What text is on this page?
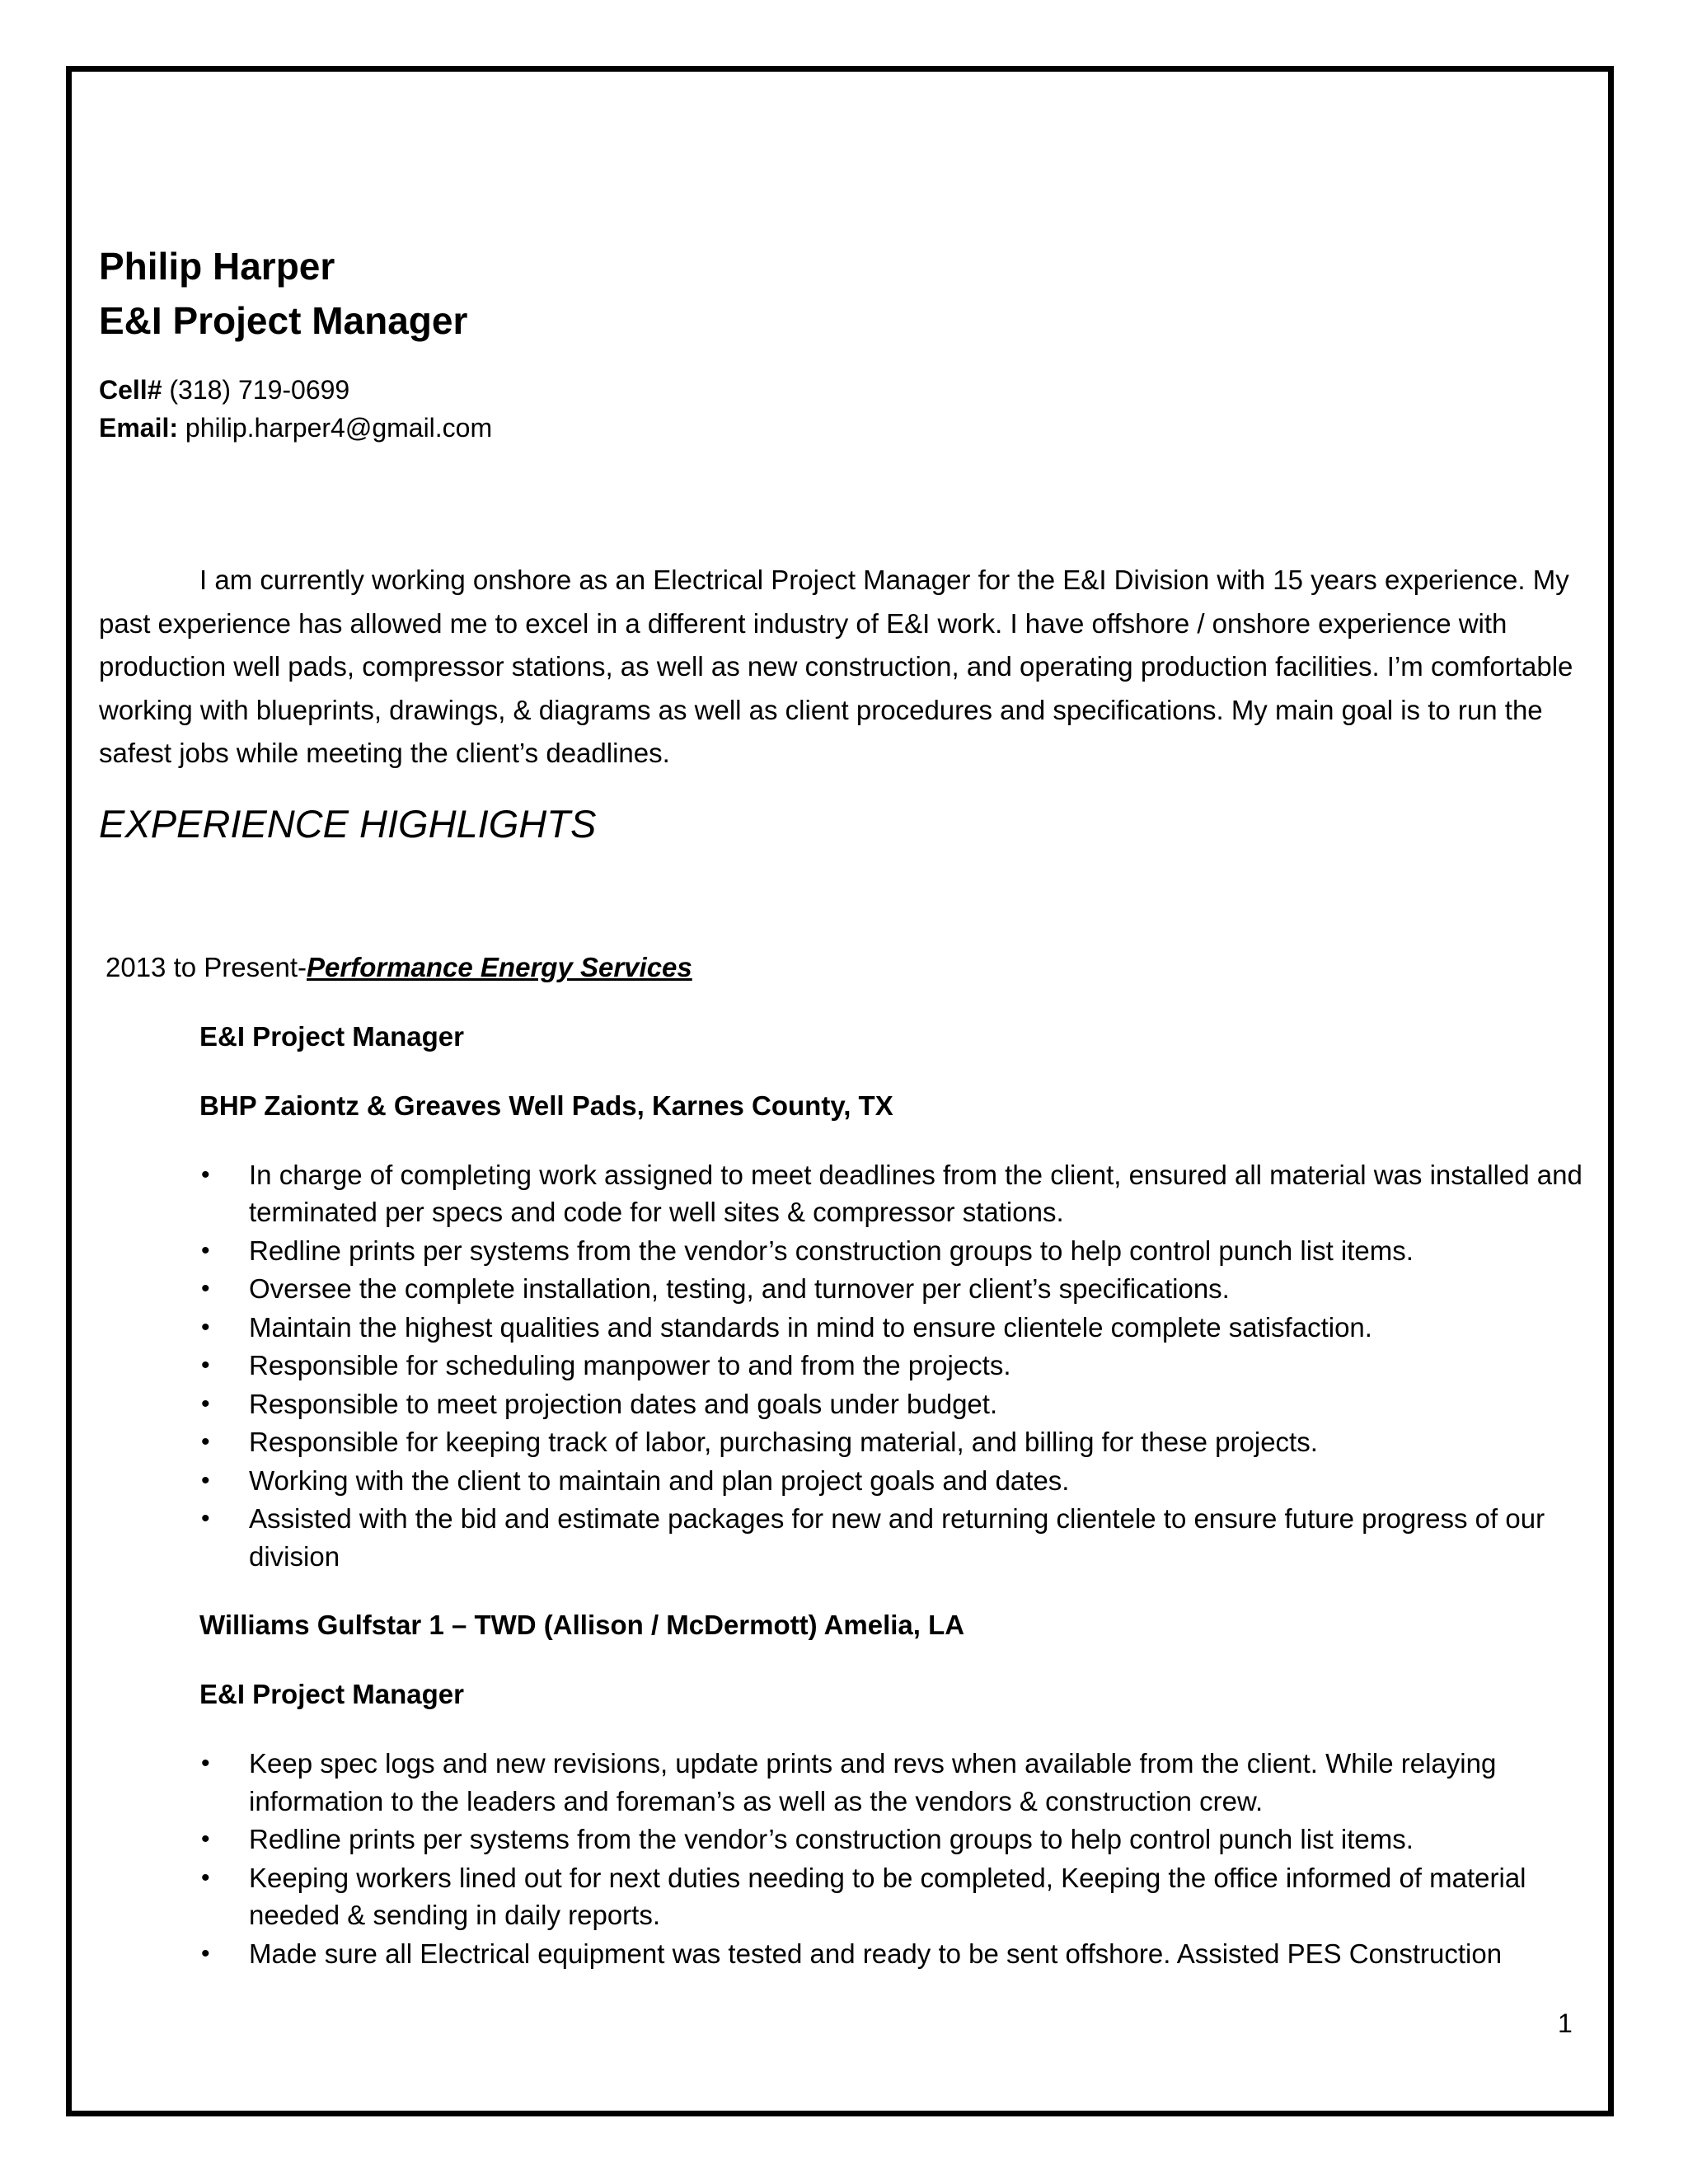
Philip Harper
E&I Project Manager
Cell# (318) 719-0699
Email: philip.harper4@gmail.com

I am currently working onshore as an Electrical Project Manager for the E&I Division with 15 years experience. My past experience has allowed me to excel in a different industry of E&I work. I have offshore / onshore experience with production well pads, compressor stations, as well as new construction, and operating production facilities. I’m comfortable working with blueprints, drawings, & diagrams as well as client procedures and specifications. My main goal is to run the safest jobs while meeting the client’s deadlines.

EXPERIENCE HIGHLIGHTS
2013 to Present-Performance Energy Services
E&I Project Manager
BHP Zaiontz & Greaves Well Pads, Karnes County, TX
• In charge of completing work assigned to meet deadlines from the client, ensured all material was installed and terminated per specs and code for well sites & compressor stations.
• Redline prints per systems from the vendor’s construction groups to help control punch list items.
• Oversee the complete installation, testing, and turnover per client’s specifications.
• Maintain the highest qualities and standards in mind to ensure clientele complete satisfaction.
• Responsible for scheduling manpower to and from the projects.
• Responsible to meet projection dates and goals under budget.
• Responsible for keeping track of labor, purchasing material, and billing for these projects.
• Working with the client to maintain and plan project goals and dates.
• Assisted with the bid and estimate packages for new and returning clientele to ensure future progress of our division
Williams Gulfstar 1 – TWD (Allison / McDermott) Amelia, LA
E&I Project Manager
• Keep spec logs and new revisions, update prints and revs when available from the client. While relaying information to the leaders and foreman’s as well as the vendors & construction crew.
• Redline prints per systems from the vendor’s construction groups to help control punch list items.
• Keeping workers lined out for next duties needing to be completed, Keeping the office informed of material needed & sending in daily reports.
• Made sure all Electrical equipment was tested and ready to be sent offshore. Assisted PES Construction
1
